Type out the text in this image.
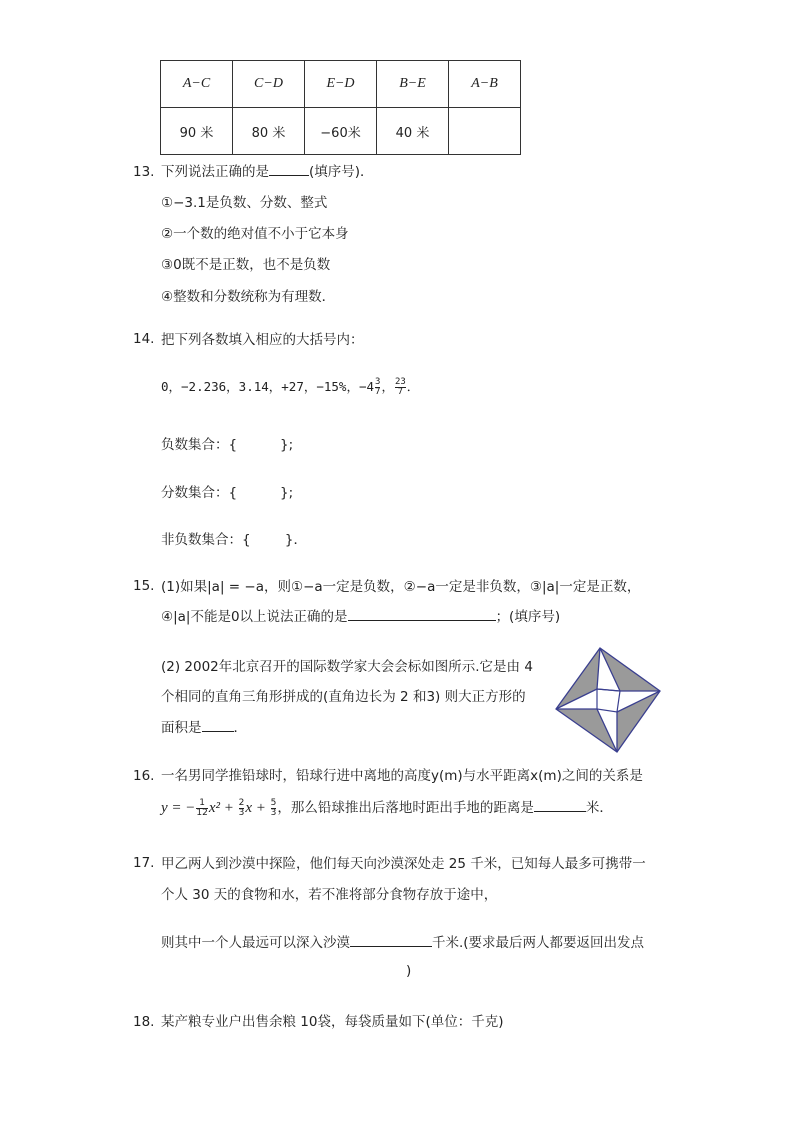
A−C	C−D	E−D	B−E	A−B
90 米	80 米	−60米	40 米	
13. 下列说法正确的是	(填序号)．
①−3.1是负数、分数、整式
②一个数的绝对值不小于它本身
③0既不是正数，也不是负数
④整数和分数统称为有理数．
14. 把下列各数填入相应的大括号内：
0，−2.236，3.14，+27，−15%，$-4 \frac{3}{7}$ ， $\frac{23}{7}$ ．
负数集合：{          };
分数集合：{          };
非负数集合：{        }．
15. (1)如果|a| = −a，则①−a一定是负数，②−a一定是非负数，③|a|一定是正数，
④|a|不能是0以上说法正确的是	；(填序号)
(2) 2002年北京召开的国际数学家大会会标如图所示.它是由 4
个相同的直角三角形拼成的(直角边长为 2 和3) 则大正方形的
面积是 ．
16. 一名男同学推铅球时，铅球行进中离地的高度y(m)与水平距离x(m)之间的关系是
y = − $\frac{1}{12} x^2 + \frac{2}{3}$ $x + \frac{5}{3}$ ，那么铅球推出后落地时距出手地的距离是	米．
17. 甲乙两人到沙漠中探险，他们每天向沙漠深处走 25 千米，已知每人最多可携带一
个人 30 天的食物和水，若不准将部分食物存放于途中，
则其中一个人最远可以深入沙漠	千米.(要求最后两人都要返回出发点
)
18. 某产粮专业户出售余粮 10袋，每袋质量如下(单位：千克)
